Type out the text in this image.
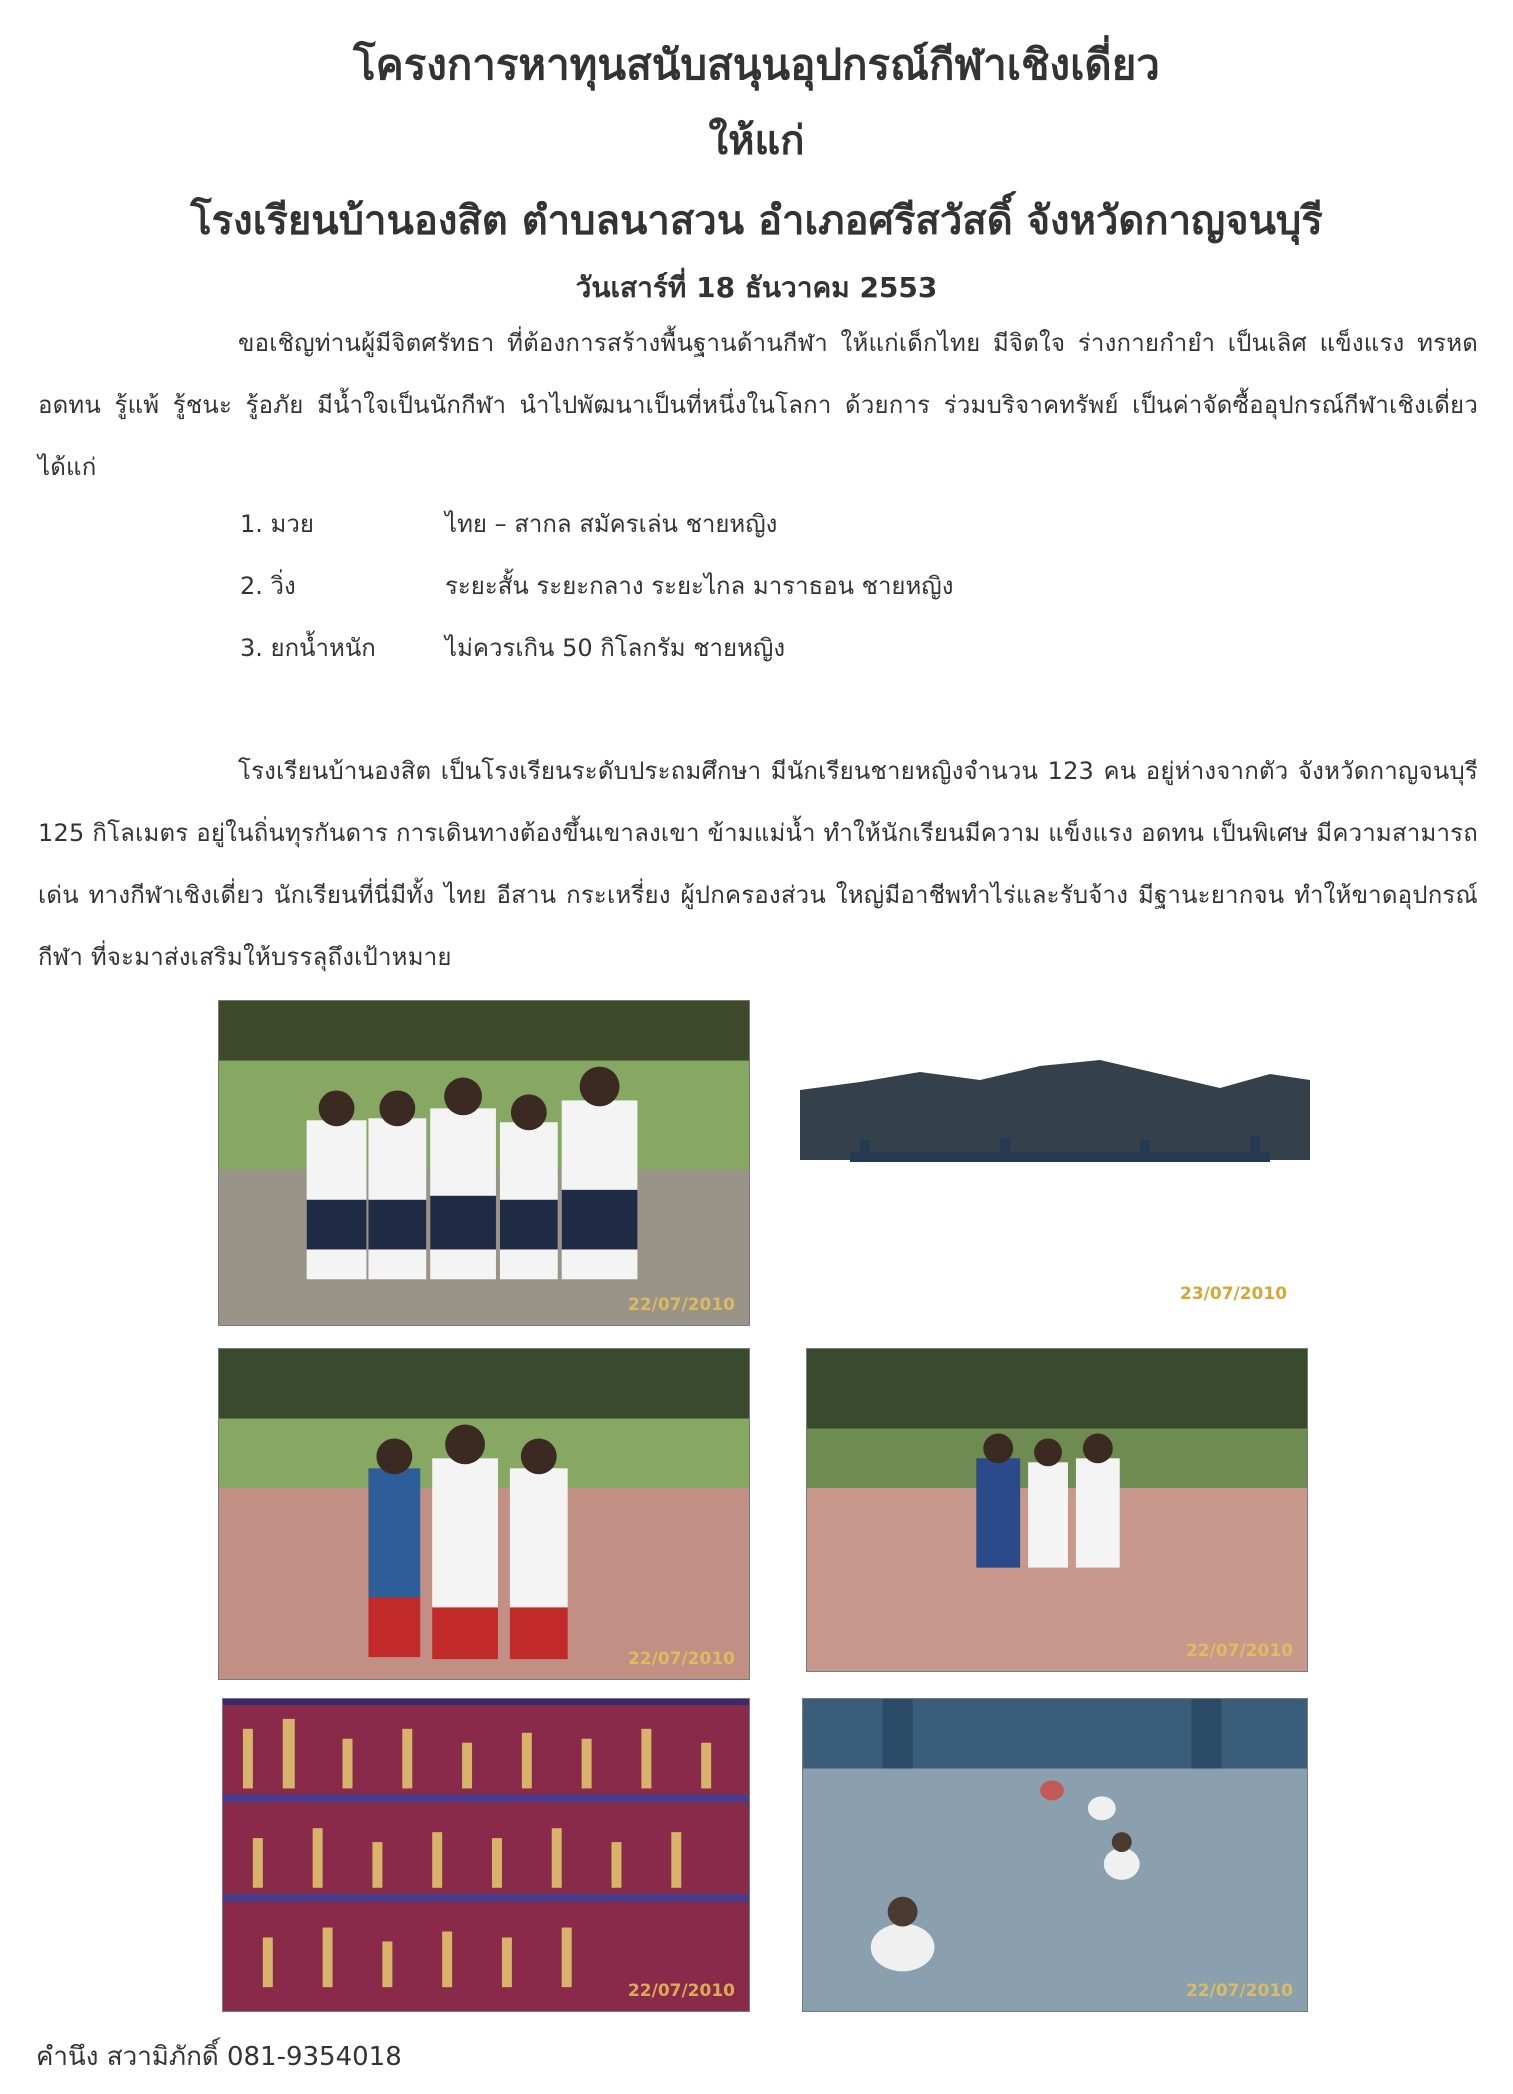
โครงการหาทุนสนับสนุนอุปกรณ์กีฬาเชิงเดี่ยว
ให้แก่
โรงเรียนบ้านองสิต ตำบลนาสวน อำเภอศรีสวัสดิ์ จังหวัดกาญจนบุรี
วันเสาร์ที่ 18 ธันวาคม 2553
ขอเชิญท่านผู้มีจิตศรัทธา ที่ต้องการสร้างพื้นฐานด้านกีฬา ให้แก่เด็กไทย มีจิตใจ ร่างกายกำยำ เป็นเลิศ แข็งแรง ทรหด อดทน รู้แพ้ รู้ชนะ รู้อภัย มีน้ำใจเป็นนักกีฬา นำไปพัฒนาเป็นที่หนึ่งในโลกา ด้วยการ ร่วมบริจาคทรัพย์ เป็นค่าจัดซื้ออุปกรณ์กีฬาเชิงเดี่ยว ได้แก่
1. มวย	ไทย – สากล สมัครเล่น ชายหญิง
2. วิ่ง	ระยะสั้น ระยะกลาง ระยะไกล มาราธอน ชายหญิง
3. ยกน้ำหนัก	ไม่ควรเกิน 50 กิโลกรัม ชายหญิง
โรงเรียนบ้านองสิต เป็นโรงเรียนระดับประถมศึกษา มีนักเรียนชายหญิงจำนวน 123 คน อยู่ห่างจากตัว จังหวัดกาญจนบุรี 125 กิโลเมตร อยู่ในถิ่นทุรกันดาร การเดินทางต้องขึ้นเขาลงเขา ข้ามแม่น้ำ ทำให้นักเรียนมีความ แข็งแรง อดทน เป็นพิเศษ มีความสามารถเด่น ทางกีฬาเชิงเดี่ยว นักเรียนที่นี่มีทั้ง ไทย อีสาน กระเหรี่ยง ผู้ปกครองส่วน ใหญ่มีอาชีพทำไร่และรับจ้าง มีฐานะยากจน ทำให้ขาดอุปกรณ์กีฬา ที่จะมาส่งเสริมให้บรรลุถึงเป้าหมาย
22/07/2010
23/07/2010
22/07/2010	22/07/2010
22/07/2010	22/07/2010
คำนึง สวามิภักดิ์ 081-9354018
